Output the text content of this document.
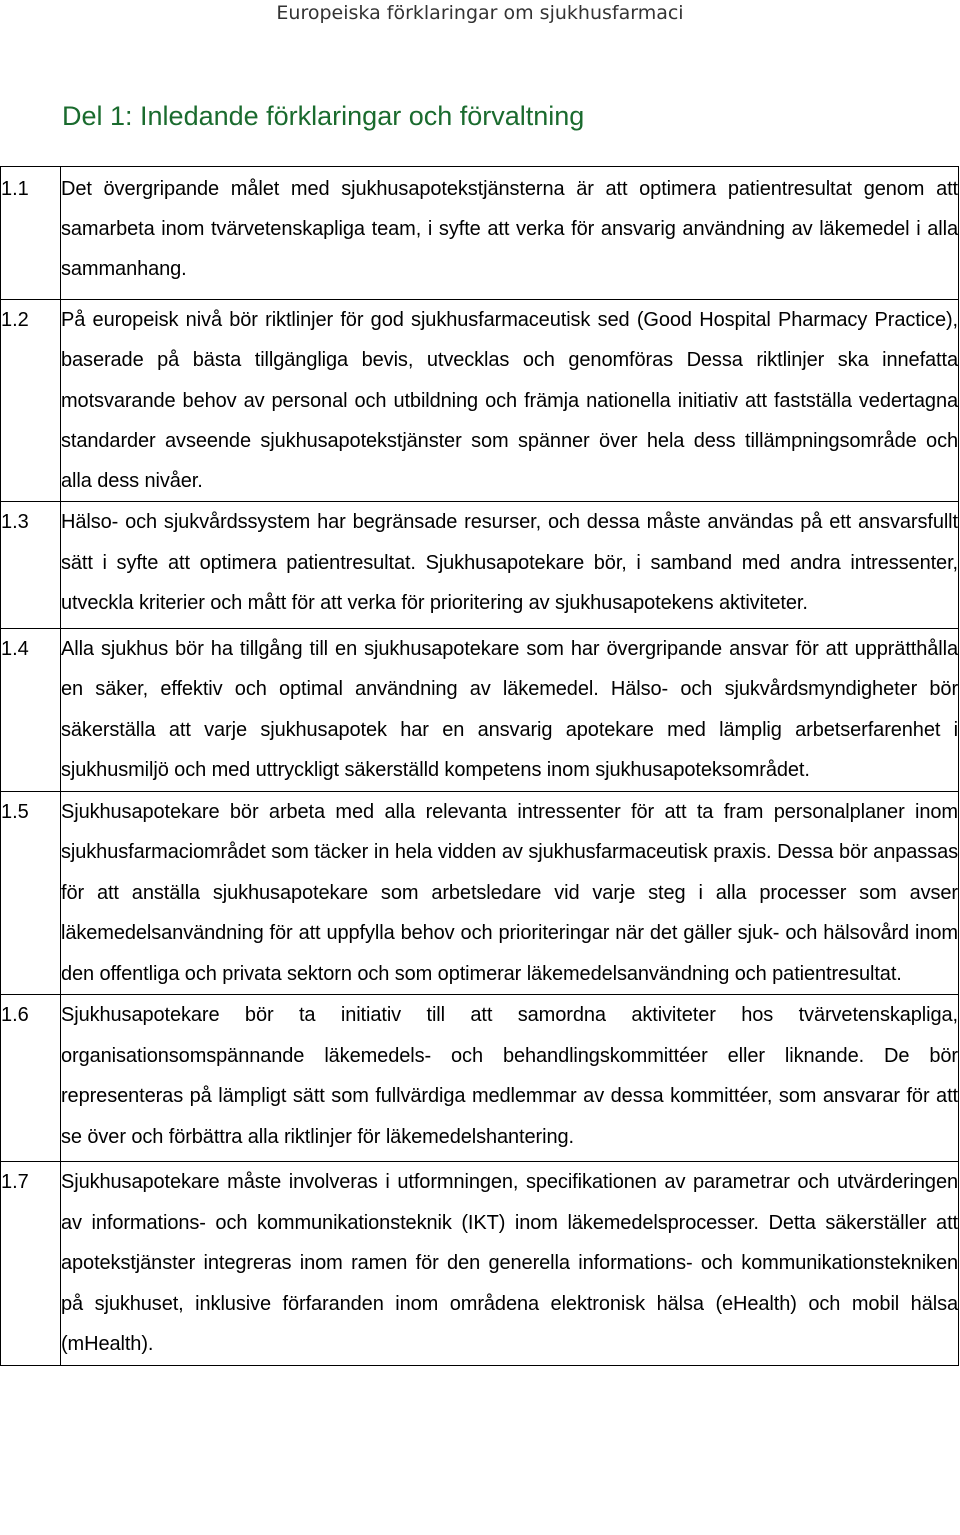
Europeiska förklaringar om sjukhusfarmaci
Del 1: Inledande förklaringar och förvaltning
1.1	Det övergripande målet med sjukhusapotekstjänsterna är att optimera patientresultat genom att samarbeta inom tvärvetenskapliga team, i syfte att verka för ansvarig användning av läkemedel i alla sammanhang.
1.2	På europeisk nivå bör riktlinjer för god sjukhusfarmaceutisk sed (Good Hospital Pharmacy Practice), baserade på bästa tillgängliga bevis, utvecklas och genomföras Dessa riktlinjer ska innefatta motsvarande behov av personal och utbildning och främja nationella initiativ att fastställa vedertagna standarder avseende sjukhusapotekstjänster som spänner över hela dess tillämpningsområde och alla dess nivåer.
1.3	Hälso- och sjukvårdssystem har begränsade resurser, och dessa måste användas på ett ansvarsfullt sätt i syfte att optimera patientresultat. Sjukhusapotekare bör, i samband med andra intressenter, utveckla kriterier och mått för att verka för prioritering av sjukhusapotekens aktiviteter.
1.4	Alla sjukhus bör ha tillgång till en sjukhusapotekare som har övergripande ansvar för att upprätthålla en säker, effektiv och optimal användning av läkemedel. Hälso- och sjukvårdsmyndigheter bör säkerställa att varje sjukhusapotek har en ansvarig apotekare med lämplig arbetserfarenhet i sjukhusmiljö och med uttryckligt säkerställd kompetens inom sjukhusapoteksområdet.
1.5	Sjukhusapotekare bör arbeta med alla relevanta intressenter för att ta fram personalplaner inom sjukhusfarmaciområdet som täcker in hela vidden av sjukhusfarmaceutisk praxis. Dessa bör anpassas för att anställa sjukhusapotekare som arbetsledare vid varje steg i alla processer som avser läkemedelsanvändning för att uppfylla behov och prioriteringar när det gäller sjuk- och hälsovård inom den offentliga och privata sektorn och som optimerar läkemedelsanvändning och patientresultat.
1.6	Sjukhusapotekare bör ta initiativ till att samordna aktiviteter hos tvärvetenskapliga, organisationsomspännande läkemedels- och behandlingskommittéer eller liknande. De bör representeras på lämpligt sätt som fullvärdiga medlemmar av dessa kommittéer, som ansvarar för att se över och förbättra alla riktlinjer för läkemedelshantering.
1.7	Sjukhusapotekare måste involveras i utformningen, specifikationen av parametrar och utvärderingen av informations- och kommunikationsteknik (IKT) inom läkemedelsprocesser. Detta säkerställer att apotekstjänster integreras inom ramen för den generella informations- och kommunikationstekniken på sjukhuset, inklusive förfaranden inom områdena elektronisk hälsa (eHealth) och mobil hälsa (mHealth).
